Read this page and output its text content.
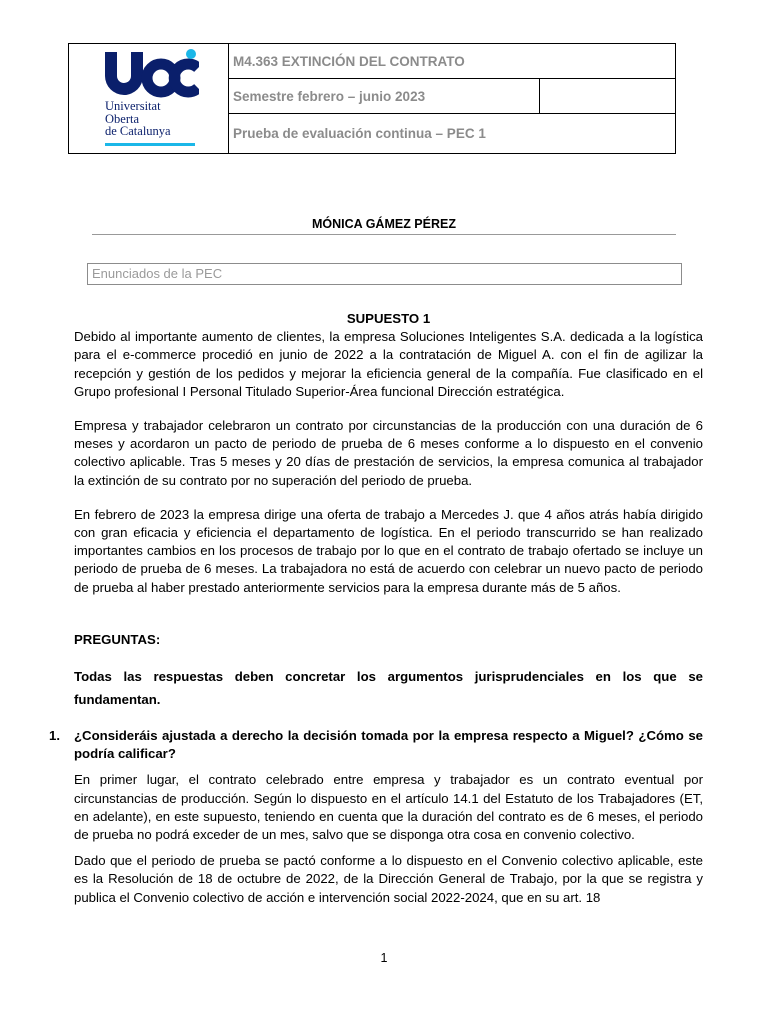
Universitat
Oberta
de Catalunya
M4.363 EXTINCIÓN DEL CONTRATO
Semestre febrero – junio 2023
Prueba de evaluación continua – PEC 1
MÓNICA GÁMEZ PÉREZ
Enunciados de la PEC

SUPUESTO 1

Debido al importante aumento de clientes, la empresa Soluciones Inteligentes S.A. dedicada a la logística para el e-commerce procedió en junio de 2022 a la contratación de Miguel A. con el fin de agilizar la recepción y gestión de los pedidos y mejorar la eficiencia general de la compañía. Fue clasificado en el Grupo profesional I Personal Titulado Superior-Área funcional Dirección estratégica.

Empresa y trabajador celebraron un contrato por circunstancias de la producción con una duración de 6 meses y acordaron un pacto de periodo de prueba de 6 meses conforme a lo dispuesto en el convenio colectivo aplicable. Tras 5 meses y 20 días de prestación de servicios, la empresa comunica al trabajador la extinción de su contrato por no superación del periodo de prueba.

En febrero de 2023 la empresa dirige una oferta de trabajo a Mercedes J. que 4 años atrás había dirigido con gran eficacia y eficiencia el departamento de logística. En el periodo transcurrido se han realizado importantes cambios en los procesos de trabajo por lo que en el contrato de trabajo ofertado se incluye un periodo de prueba de 6 meses. La trabajadora no está de acuerdo con celebrar un nuevo pacto de periodo de prueba al haber prestado anteriormente servicios para la empresa durante más de 5 años.

PREGUNTAS:

Todas las respuestas deben concretar los argumentos jurisprudenciales en los que se fundamentan.

1. ¿Consideráis ajustada a derecho la decisión tomada por la empresa respecto a Miguel? ¿Cómo se podría calificar?

En primer lugar, el contrato celebrado entre empresa y trabajador es un contrato eventual por circunstancias de producción. Según lo dispuesto en el artículo 14.1 del Estatuto de los Trabajadores (ET, en adelante), en este supuesto, teniendo en cuenta que la duración del contrato es de 6 meses, el periodo de prueba no podrá exceder de un mes, salvo que se disponga otra cosa en convenio colectivo.

Dado que el periodo de prueba se pactó conforme a lo dispuesto en el Convenio colectivo aplicable, este es la Resolución de 18 de octubre de 2022, de la Dirección General de Trabajo, por la que se registra y publica el Convenio colectivo de acción e intervención social 2022-2024, que en su art. 18

1
